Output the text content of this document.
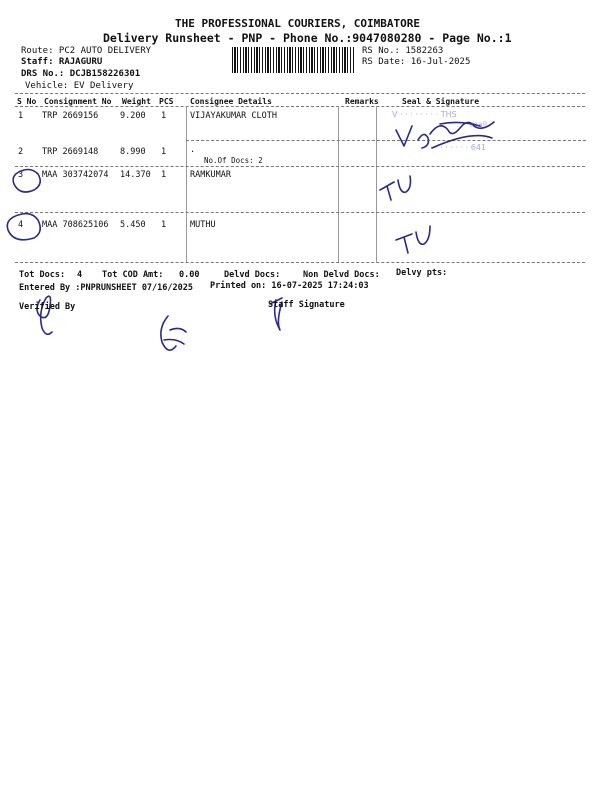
THE PROFESSIONAL COURIERS, COIMBATORE
Delivery Runsheet - PNP - Phone No.:9047080280 - Page No.:1
Route: PC2 AUTO DELIVERY
Staff: RAJAGURU
DRS No.: DCJB158226301
Vehicle: EV Delivery
RS No.: 1582263
RS Date: 16-Jul-2025
S No Consignment No Weight PCS Consignee Details	Remarks	Seal & Signature
1 TRP 2669156	9.200 1	VIJAYAKUMAR CLOTH
2 TRP 2669148	8.990 1	.
No.Of Docs: 2
3 MAA 303742074 14.370 1	RAMKUMAR
4 MAA 708625106 5.450 1	MUTHU
V · · · · · · · · THS
mall
· · · · · · · · · 641
Tot Docs: 4 Tot COD Amt: 0.00	Delvd Docs:	Non Delvd Docs: Delvy pts:
Entered By :PNPRUNSHEET 07/16/2025 Printed on: 16-07-2025 17:24:03
Verified By	Staff Signature
